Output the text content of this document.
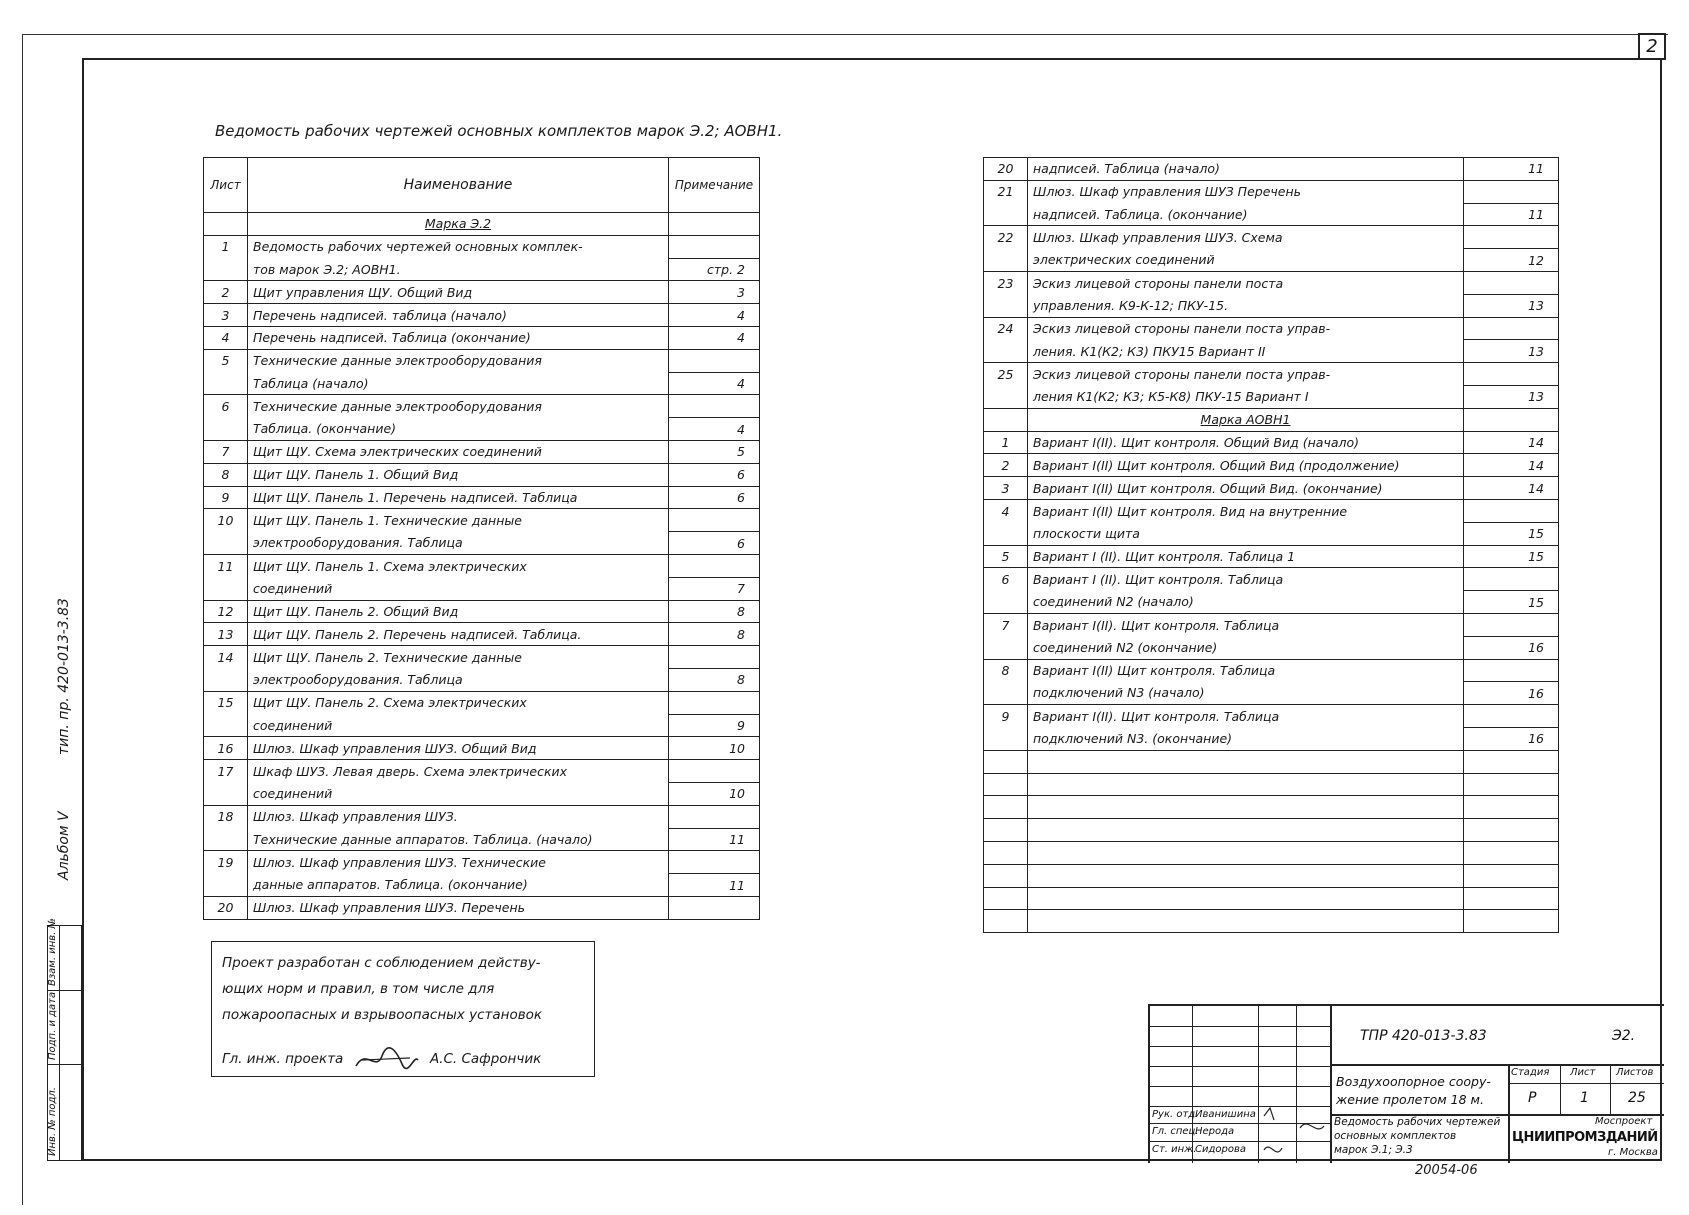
2
Ведомость рабочих чертежей основных комплектов марок Э.2; АОВН1.
Лист	Наименование	Примечание
	Марка Э.2	
1	Ведомость рабочих чертежей основных комплек-	
	тов марок Э.2; АОВН1.	стр. 2
2	Щит управления ЩУ. Общий Вид	3
3	Перечень надписей. таблица (начало)	4
4	Перечень надписей. Таблица (окончание)	4
5	Технические данные электрооборудования	
	Таблица (начало)	4
6	Технические данные электрооборудования	
	Таблица. (окончание)	4
7	Щит ЩУ. Схема электрических соединений	5
8	Щит ЩУ. Панель 1. Общий Вид	6
9	Щит ЩУ. Панель 1. Перечень надписей. Таблица	6
10	Щит ЩУ. Панель 1. Технические данные	
	электрооборудования. Таблица	6
11	Щит ЩУ. Панель 1. Схема электрических	
	соединений	7
12	Щит ЩУ. Панель 2. Общий Вид	8
13	Щит ЩУ. Панель 2. Перечень надписей. Таблица.	8
14	Щит ЩУ. Панель 2. Технические данные	
	электрооборудования. Таблица	8
15	Щит ЩУ. Панель 2. Схема электрических	
	соединений	9
16	Шлюз. Шкаф управления ШУЗ. Общий Вид	10
17	Шкаф ШУЗ. Левая дверь. Схема электрических	
	соединений	10
18	Шлюз. Шкаф управления ШУЗ.	
	Технические данные аппаратов. Таблица. (начало)	11
19	Шлюз. Шкаф управления ШУЗ. Технические	
	данные аппаратов. Таблица. (окончание)	11
20	Шлюз. Шкаф управления ШУЗ. Перечень	
20	надписей. Таблица (начало)	11
21	Шлюз. Шкаф управления ШУЗ Перечень	
	надписей. Таблица. (окончание)	11
22	Шлюз. Шкаф управления ШУЗ. Схема	
	электрических соединений	12
23	Эскиз лицевой стороны панели поста	
	управления. К9-К-12; ПКУ-15.	13
24	Эскиз лицевой стороны панели поста управ-	
	ления. К1(К2; К3) ПКУ15 Вариант II	13
25	Эскиз лицевой стороны панели поста управ-	
	ления К1(К2; К3; К5-К8) ПКУ-15 Вариант I	13
	Марка АОВН1	
1	Вариант I(II). Щит контроля. Общий Вид (начало)	14
2	Вариант I(II) Щит контроля. Общий Вид (продолжение)	14
3	Вариант I(II) Щит контроля. Общий Вид. (окончание)	14
4	Вариант I(II) Щит контроля. Вид на внутренние	
	плоскости щита	15
5	Вариант I (II). Щит контроля. Таблица 1	15
6	Вариант I (II). Щит контроля. Таблица	
	соединений N2 (начало)	15
7	Вариант I(II). Щит контроля. Таблица	
	соединений N2 (окончание)	16
8	Вариант I(II) Щит контроля. Таблица	
	подключений N3 (начало)	16
9	Вариант I(II). Щит контроля. Таблица	
	подключений N3. (окончание)	16

Проект разработан с соблюдением действу-
ющих норм и правил, в том числе для
пожароопасных и взрывоопасных установок
Гл. инж. проекта	А.С. Сафрончик
ТПР 420-013-3.83	Э2.
Воздухоопорное соору-
жение пролетом 18 м.
Стадия Лист Листов
Р	1	25
Ведомость рабочих чертежей
основных комплектов
марок Э.1; Э.3
Моспроект
ЦНИИПРОМЗДАНИЙ
г. Москва
Рук. отд.
Иванишина
Гл. спец.
Нерода
Ст. инж.
Сидорова
20054-06
Взам. инв. №
Подп. и дата
Инв. № подл.
Альбом V
тип. пр. 420-013-3.83
